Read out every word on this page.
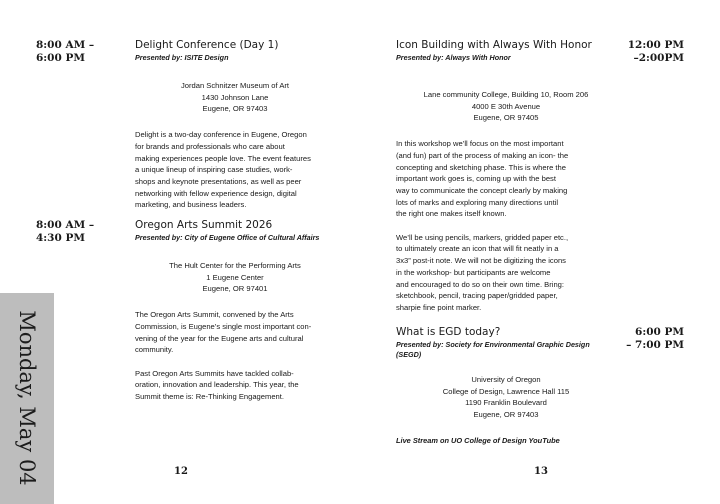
8:00 AM –
6:00 PM
Delight Conference (Day 1)
Presented by: ISITE Design
Jordan Schnitzer Museum of Art
1430 Johnson Lane
Eugene, OR 97403
Delight is a two-day conference in Eugene, Oregon
for brands and professionals who care about
making experiences people love. The event features
a unique lineup of inspiring case studies, work-
shops and keynote presentations, as well as peer
networking with fellow experience design, digital
marketing, and business leaders.
8:00 AM –
4:30 PM
Oregon Arts Summit 2026
Presented by: City of Eugene Office of Cultural Affairs
The Hult Center for the Performing Arts
1 Eugene Center
Eugene, OR 97401
The Oregon Arts Summit, convened by the Arts
Commission, is Eugene’s single most important con-
vening of the year for the Eugene arts and cultural
community.
Past Oregon Arts Summits have tackled collab-
oration, innovation and leadership. This year, the
Summit theme is: Re-Thinking Engagement.
12
Monday, May 04
Icon Building with Always With Honor
Presented by: Always With Honor
Lane community College, Building 10, Room 206
4000 E 30th Avenue
Eugene, OR 97405
In this workshop we’ll focus on the most important
(and fun) part of the process of making an icon- the
concepting and sketching phase. This is where the
important work goes is, coming up with the best
way to communicate the concept clearly by making
lots of marks and exploring many directions until
the right one makes itself known.
We’ll be using pencils, markers, gridded paper etc.,
to ultimately create an icon that will fit neatly in a
3x3” post-it note. We will not be digitizing the icons
in the workshop- but participants are welcome
and encouraged to do so on their own time. Bring:
sketchbook, pencil, tracing paper/gridded paper,
sharpie fine point marker.
12:00 PM
–2:00PM
What is EGD today?
Presented by: Society for Environmental Graphic Design
(SEGD)
University of Oregon
College of Design, Lawrence Hall 115
1190 Franklin Boulevard
Eugene, OR 97403
Live Stream on UO College of Design YouTube
6:00 PM
– 7:00 PM
13
